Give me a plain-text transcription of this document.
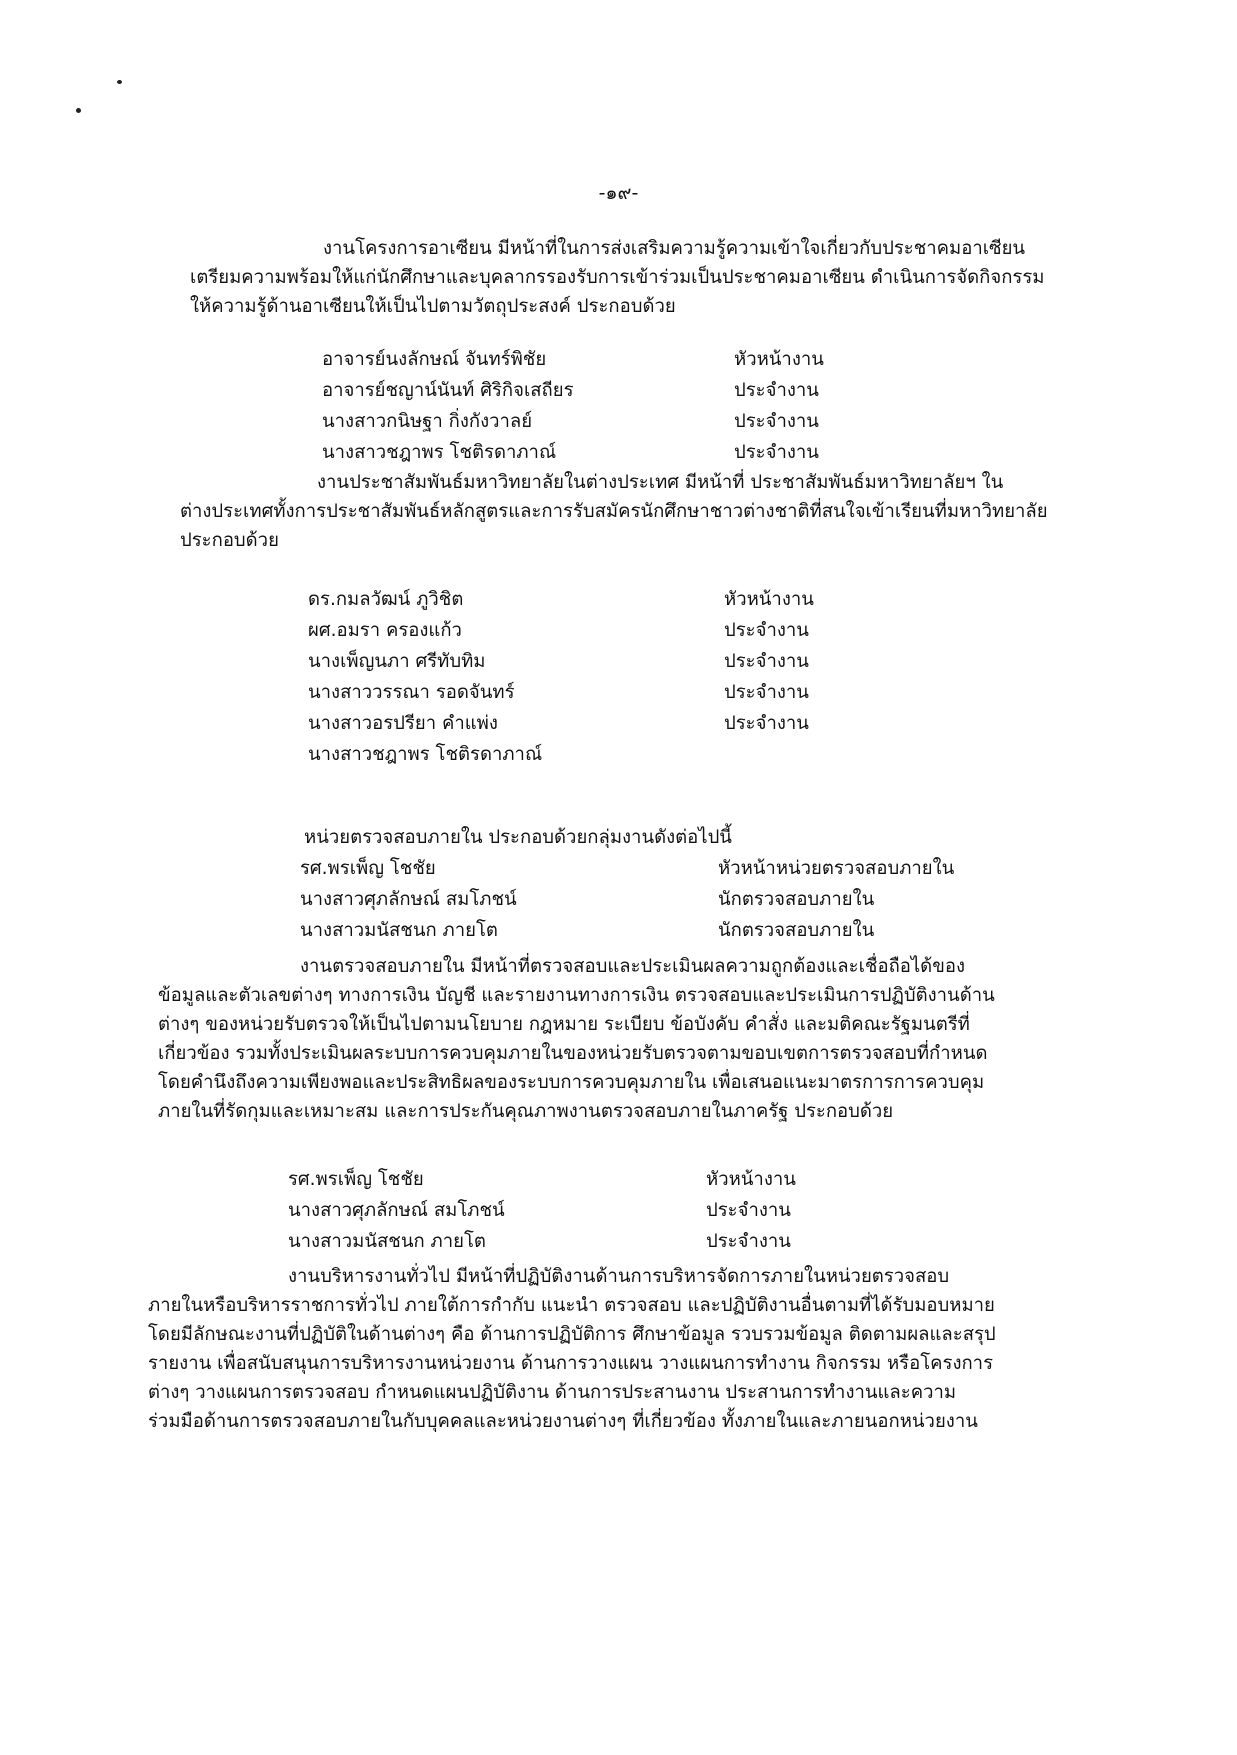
-๑๙-
งานโครงการอาเซียน มีหน้าที่ในการส่งเสริมความรู้ความเข้าใจเกี่ยวกับประชาคมอาเซียน
เตรียมความพร้อมให้แก่นักศึกษาและบุคลากรรองรับการเข้าร่วมเป็นประชาคมอาเซียน ดำเนินการจัดกิจกรรม
ให้ความรู้ด้านอาเซียนให้เป็นไปตามวัตถุประสงค์ ประกอบด้วย
อาจารย์นงลักษณ์ จันทร์พิชัย	หัวหน้างาน
อาจารย์ชญาน์นันท์ ศิริกิจเสถียร	ประจำงาน
นางสาวกนิษฐา กิ่งกังวาลย์	ประจำงาน
นางสาวชฎาพร โชติรดาภาณ์	ประจำงาน
งานประชาสัมพันธ์มหาวิทยาลัยในต่างประเทศ มีหน้าที่ ประชาสัมพันธ์มหาวิทยาลัยฯ ใน
ต่างประเทศทั้งการประชาสัมพันธ์หลักสูตรและการรับสมัครนักศึกษาชาวต่างชาติที่สนใจเข้าเรียนที่มหาวิทยาลัย
ประกอบด้วย
ดร.กมลวัฒน์ ภูวิชิต	หัวหน้างาน
ผศ.อมรา ครองแก้ว	ประจำงาน
นางเพ็ญนภา ศรีทับทิม	ประจำงาน
นางสาววรรณา รอดจันทร์	ประจำงาน
นางสาวอรปรียา คำแพ่ง	ประจำงาน
นางสาวชฎาพร โชติรดาภาณ์
หน่วยตรวจสอบภายใน ประกอบด้วยกลุ่มงานดังต่อไปนี้
รศ.พรเพ็ญ โชชัย	หัวหน้าหน่วยตรวจสอบภายใน
นางสาวศุภลักษณ์ สมโภชน์	นักตรวจสอบภายใน
นางสาวมนัสชนก ภายโต	นักตรวจสอบภายใน
งานตรวจสอบภายใน มีหน้าที่ตรวจสอบและประเมินผลความถูกต้องและเชื่อถือได้ของ
ข้อมูลและตัวเลขต่างๆ ทางการเงิน บัญชี และรายงานทางการเงิน ตรวจสอบและประเมินการปฏิบัติงานด้าน
ต่างๆ ของหน่วยรับตรวจให้เป็นไปตามนโยบาย กฎหมาย ระเบียบ ข้อบังคับ คำสั่ง และมติคณะรัฐมนตรีที่
เกี่ยวข้อง รวมทั้งประเมินผลระบบการควบคุมภายในของหน่วยรับตรวจตามขอบเขตการตรวจสอบที่กำหนด
โดยคำนึงถึงความเพียงพอและประสิทธิผลของระบบการควบคุมภายใน เพื่อเสนอแนะมาตรการการควบคุม
ภายในที่รัดกุมและเหมาะสม และการประกันคุณภาพงานตรวจสอบภายในภาครัฐ ประกอบด้วย
รศ.พรเพ็ญ โชชัย	หัวหน้างาน
นางสาวศุภลักษณ์ สมโภชน์	ประจำงาน
นางสาวมนัสชนก ภายโต	ประจำงาน
งานบริหารงานทั่วไป มีหน้าที่ปฏิบัติงานด้านการบริหารจัดการภายในหน่วยตรวจสอบ
ภายในหรือบริหารราชการทั่วไป ภายใต้การกำกับ แนะนำ ตรวจสอบ และปฏิบัติงานอื่นตามที่ได้รับมอบหมาย
โดยมีลักษณะงานที่ปฏิบัติในด้านต่างๆ คือ ด้านการปฏิบัติการ ศึกษาข้อมูล รวบรวมข้อมูล ติดตามผลและสรุป
รายงาน เพื่อสนับสนุนการบริหารงานหน่วยงาน ด้านการวางแผน วางแผนการทำงาน กิจกรรม หรือโครงการ
ต่างๆ วางแผนการตรวจสอบ กำหนดแผนปฏิบัติงาน ด้านการประสานงาน ประสานการทำงานและความ
ร่วมมือด้านการตรวจสอบภายในกับบุคคลและหน่วยงานต่างๆ ที่เกี่ยวข้อง ทั้งภายในและภายนอกหน่วยงาน
